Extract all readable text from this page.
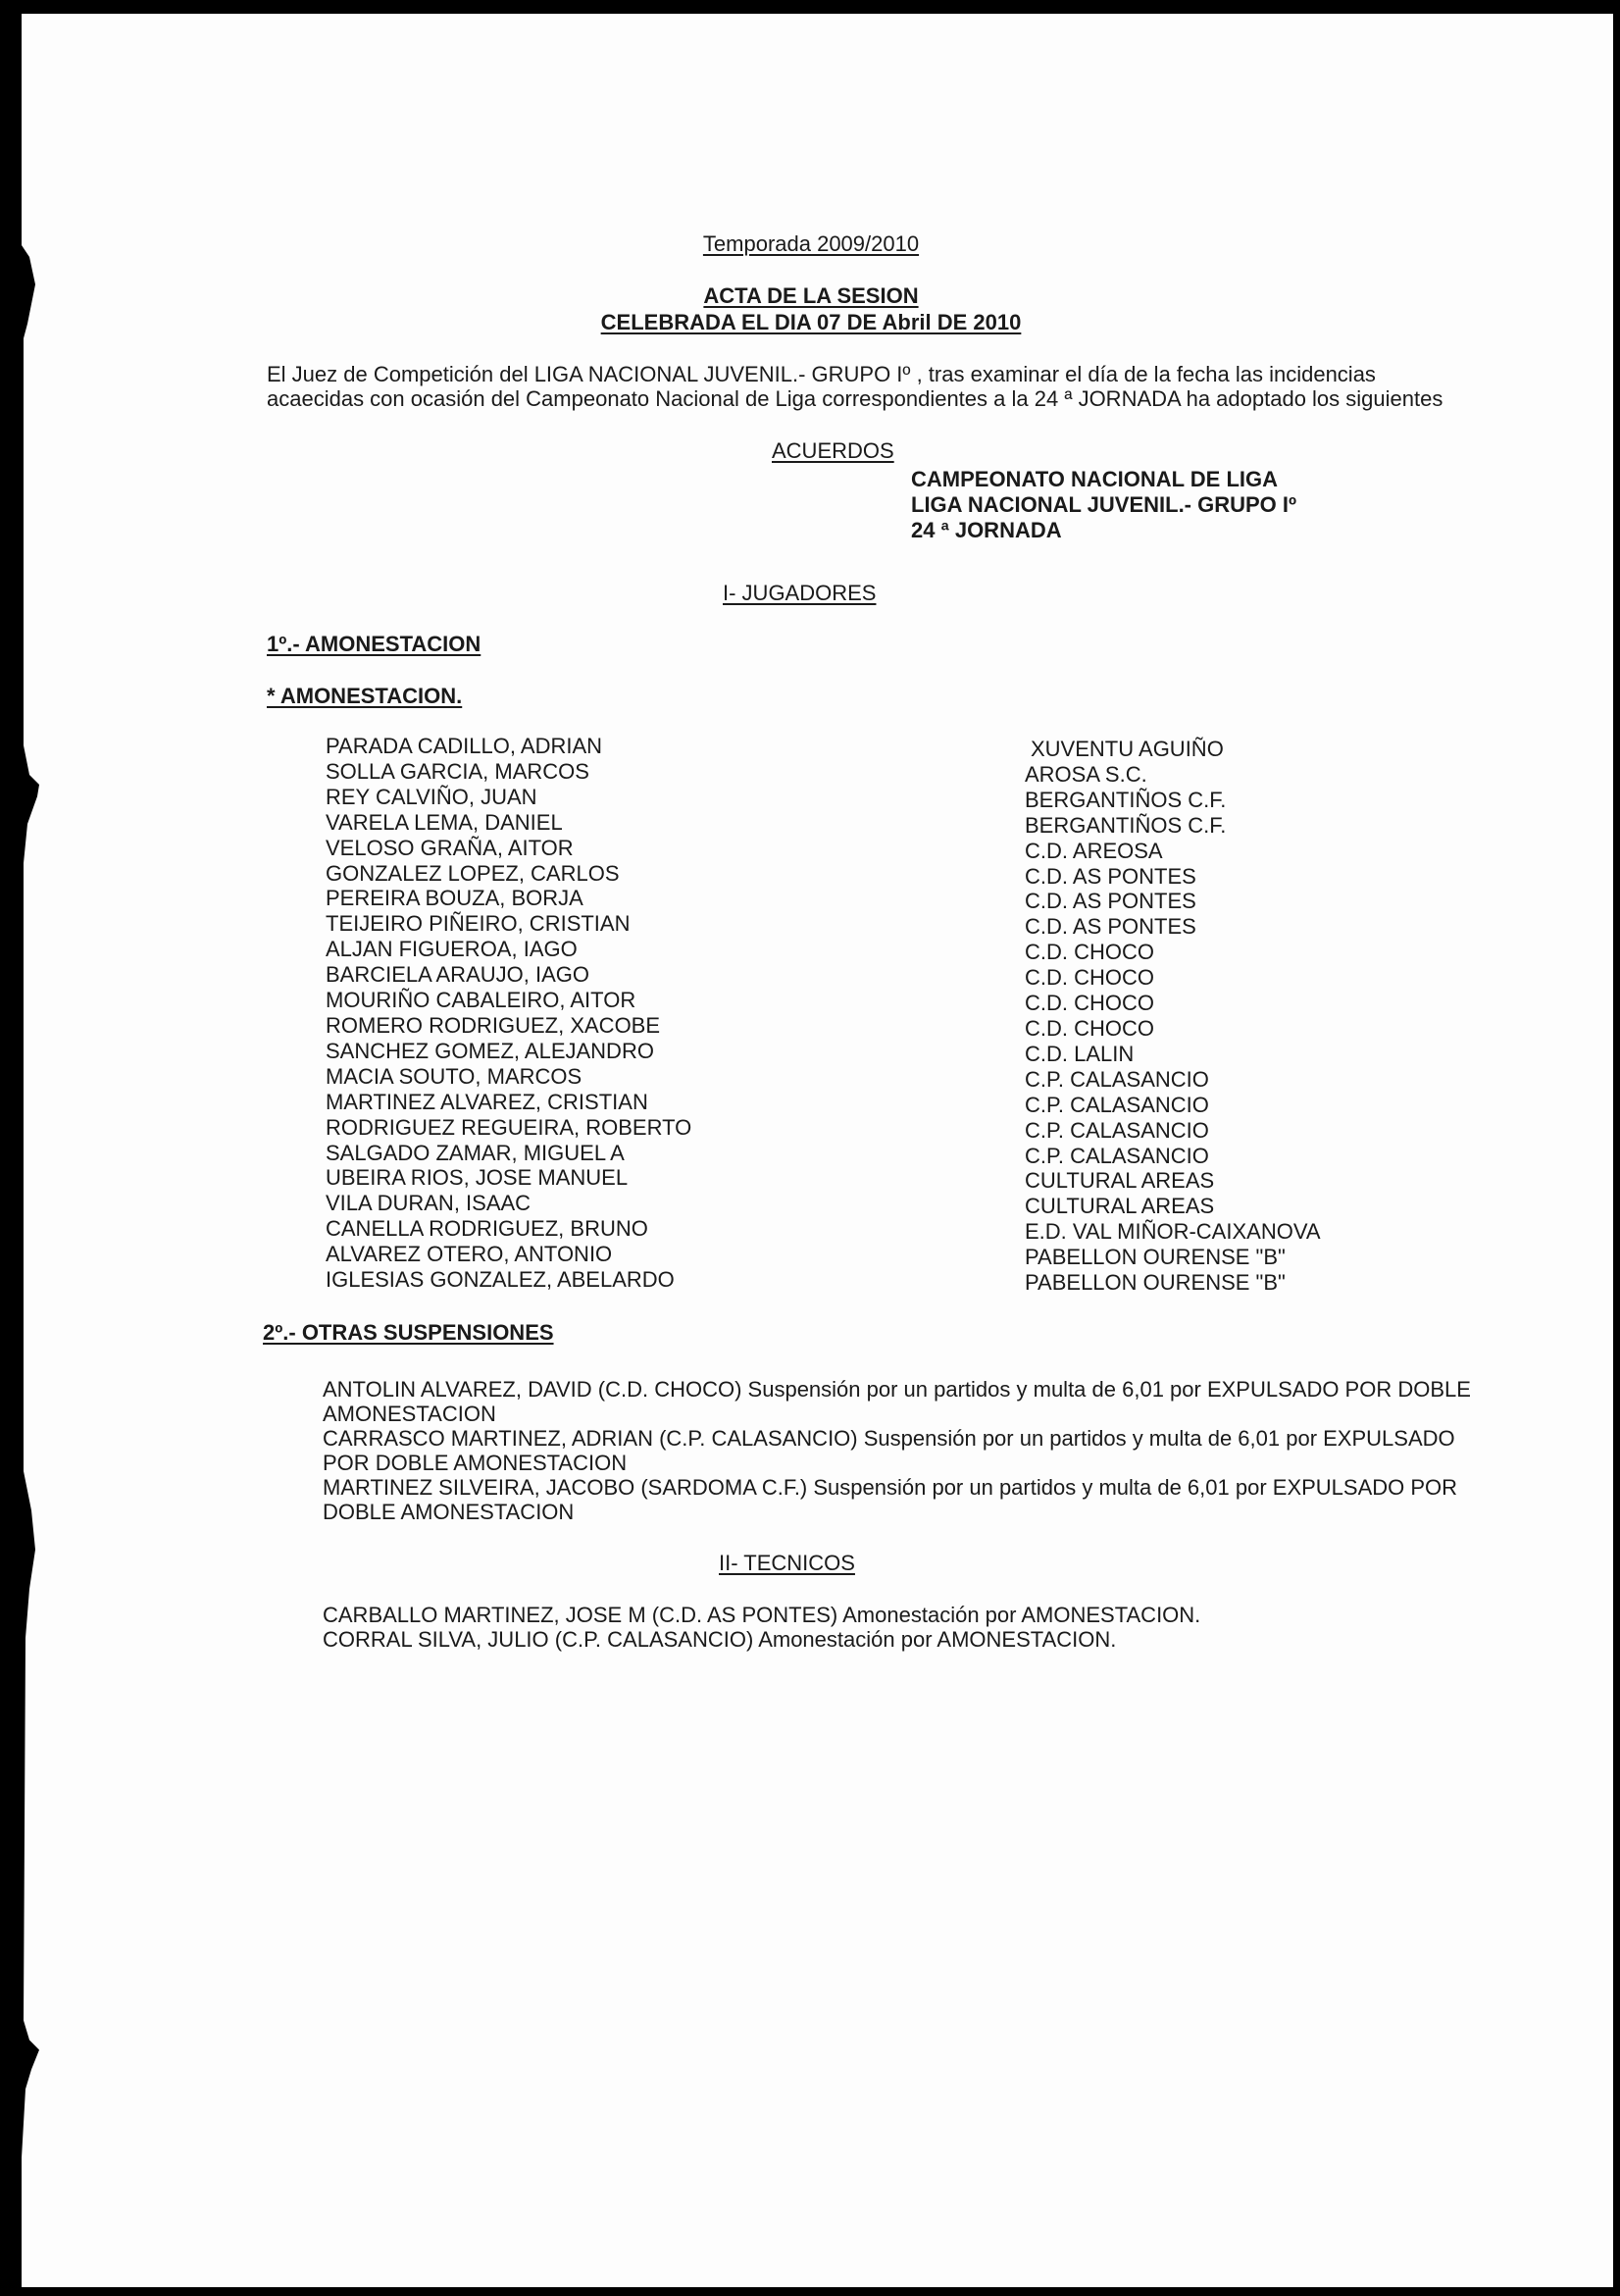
Temporada 2009/2010
ACTA DE LA SESION
CELEBRADA EL DIA 07 DE Abril DE 2010
El Juez de Competición del LIGA NACIONAL JUVENIL.- GRUPO Iº , tras examinar el día de la fecha las incidencias
acaecidas con ocasión del Campeonato Nacional de Liga correspondientes a la 24 ª JORNADA ha adoptado los siguientes
ACUERDOS
CAMPEONATO NACIONAL DE LIGA
LIGA NACIONAL JUVENIL.- GRUPO Iº
24 ª JORNADA
I- JUGADORES
1º.- AMONESTACION
* AMONESTACION.
PARADA CADILLO, ADRIAN
SOLLA GARCIA, MARCOS
REY CALVIÑO, JUAN
VARELA LEMA, DANIEL
VELOSO GRAÑA, AITOR
GONZALEZ LOPEZ, CARLOS
PEREIRA BOUZA, BORJA
TEIJEIRO PIÑEIRO, CRISTIAN
ALJAN FIGUEROA, IAGO
BARCIELA ARAUJO, IAGO
MOURIÑO CABALEIRO, AITOR
ROMERO RODRIGUEZ, XACOBE
SANCHEZ GOMEZ, ALEJANDRO
MACIA SOUTO, MARCOS
MARTINEZ ALVAREZ, CRISTIAN
RODRIGUEZ REGUEIRA, ROBERTO
SALGADO ZAMAR, MIGUEL A
UBEIRA RIOS, JOSE MANUEL
VILA DURAN, ISAAC
CANELLA RODRIGUEZ, BRUNO
ALVAREZ OTERO, ANTONIO
IGLESIAS GONZALEZ, ABELARDO
XUVENTU AGUIÑO
AROSA S.C.
BERGANTIÑOS C.F.
BERGANTIÑOS C.F.
C.D. AREOSA
C.D. AS PONTES
C.D. AS PONTES
C.D. AS PONTES
C.D. CHOCO
C.D. CHOCO
C.D. CHOCO
C.D. CHOCO
C.D. LALIN
C.P. CALASANCIO
C.P. CALASANCIO
C.P. CALASANCIO
C.P. CALASANCIO
CULTURAL AREAS
CULTURAL AREAS
E.D. VAL MIÑOR-CAIXANOVA
PABELLON OURENSE "B"
PABELLON OURENSE "B"
2º.- OTRAS SUSPENSIONES
ANTOLIN ALVAREZ, DAVID (C.D. CHOCO) Suspensión por un partidos y multa de 6,01 por EXPULSADO POR DOBLE
AMONESTACION
CARRASCO MARTINEZ, ADRIAN (C.P. CALASANCIO) Suspensión por un partidos y multa de 6,01 por EXPULSADO
POR DOBLE AMONESTACION
MARTINEZ SILVEIRA, JACOBO (SARDOMA C.F.) Suspensión por un partidos y multa de 6,01 por EXPULSADO POR
DOBLE AMONESTACION
II- TECNICOS
CARBALLO MARTINEZ, JOSE M (C.D. AS PONTES) Amonestación por AMONESTACION.
CORRAL SILVA, JULIO (C.P. CALASANCIO) Amonestación por AMONESTACION.
